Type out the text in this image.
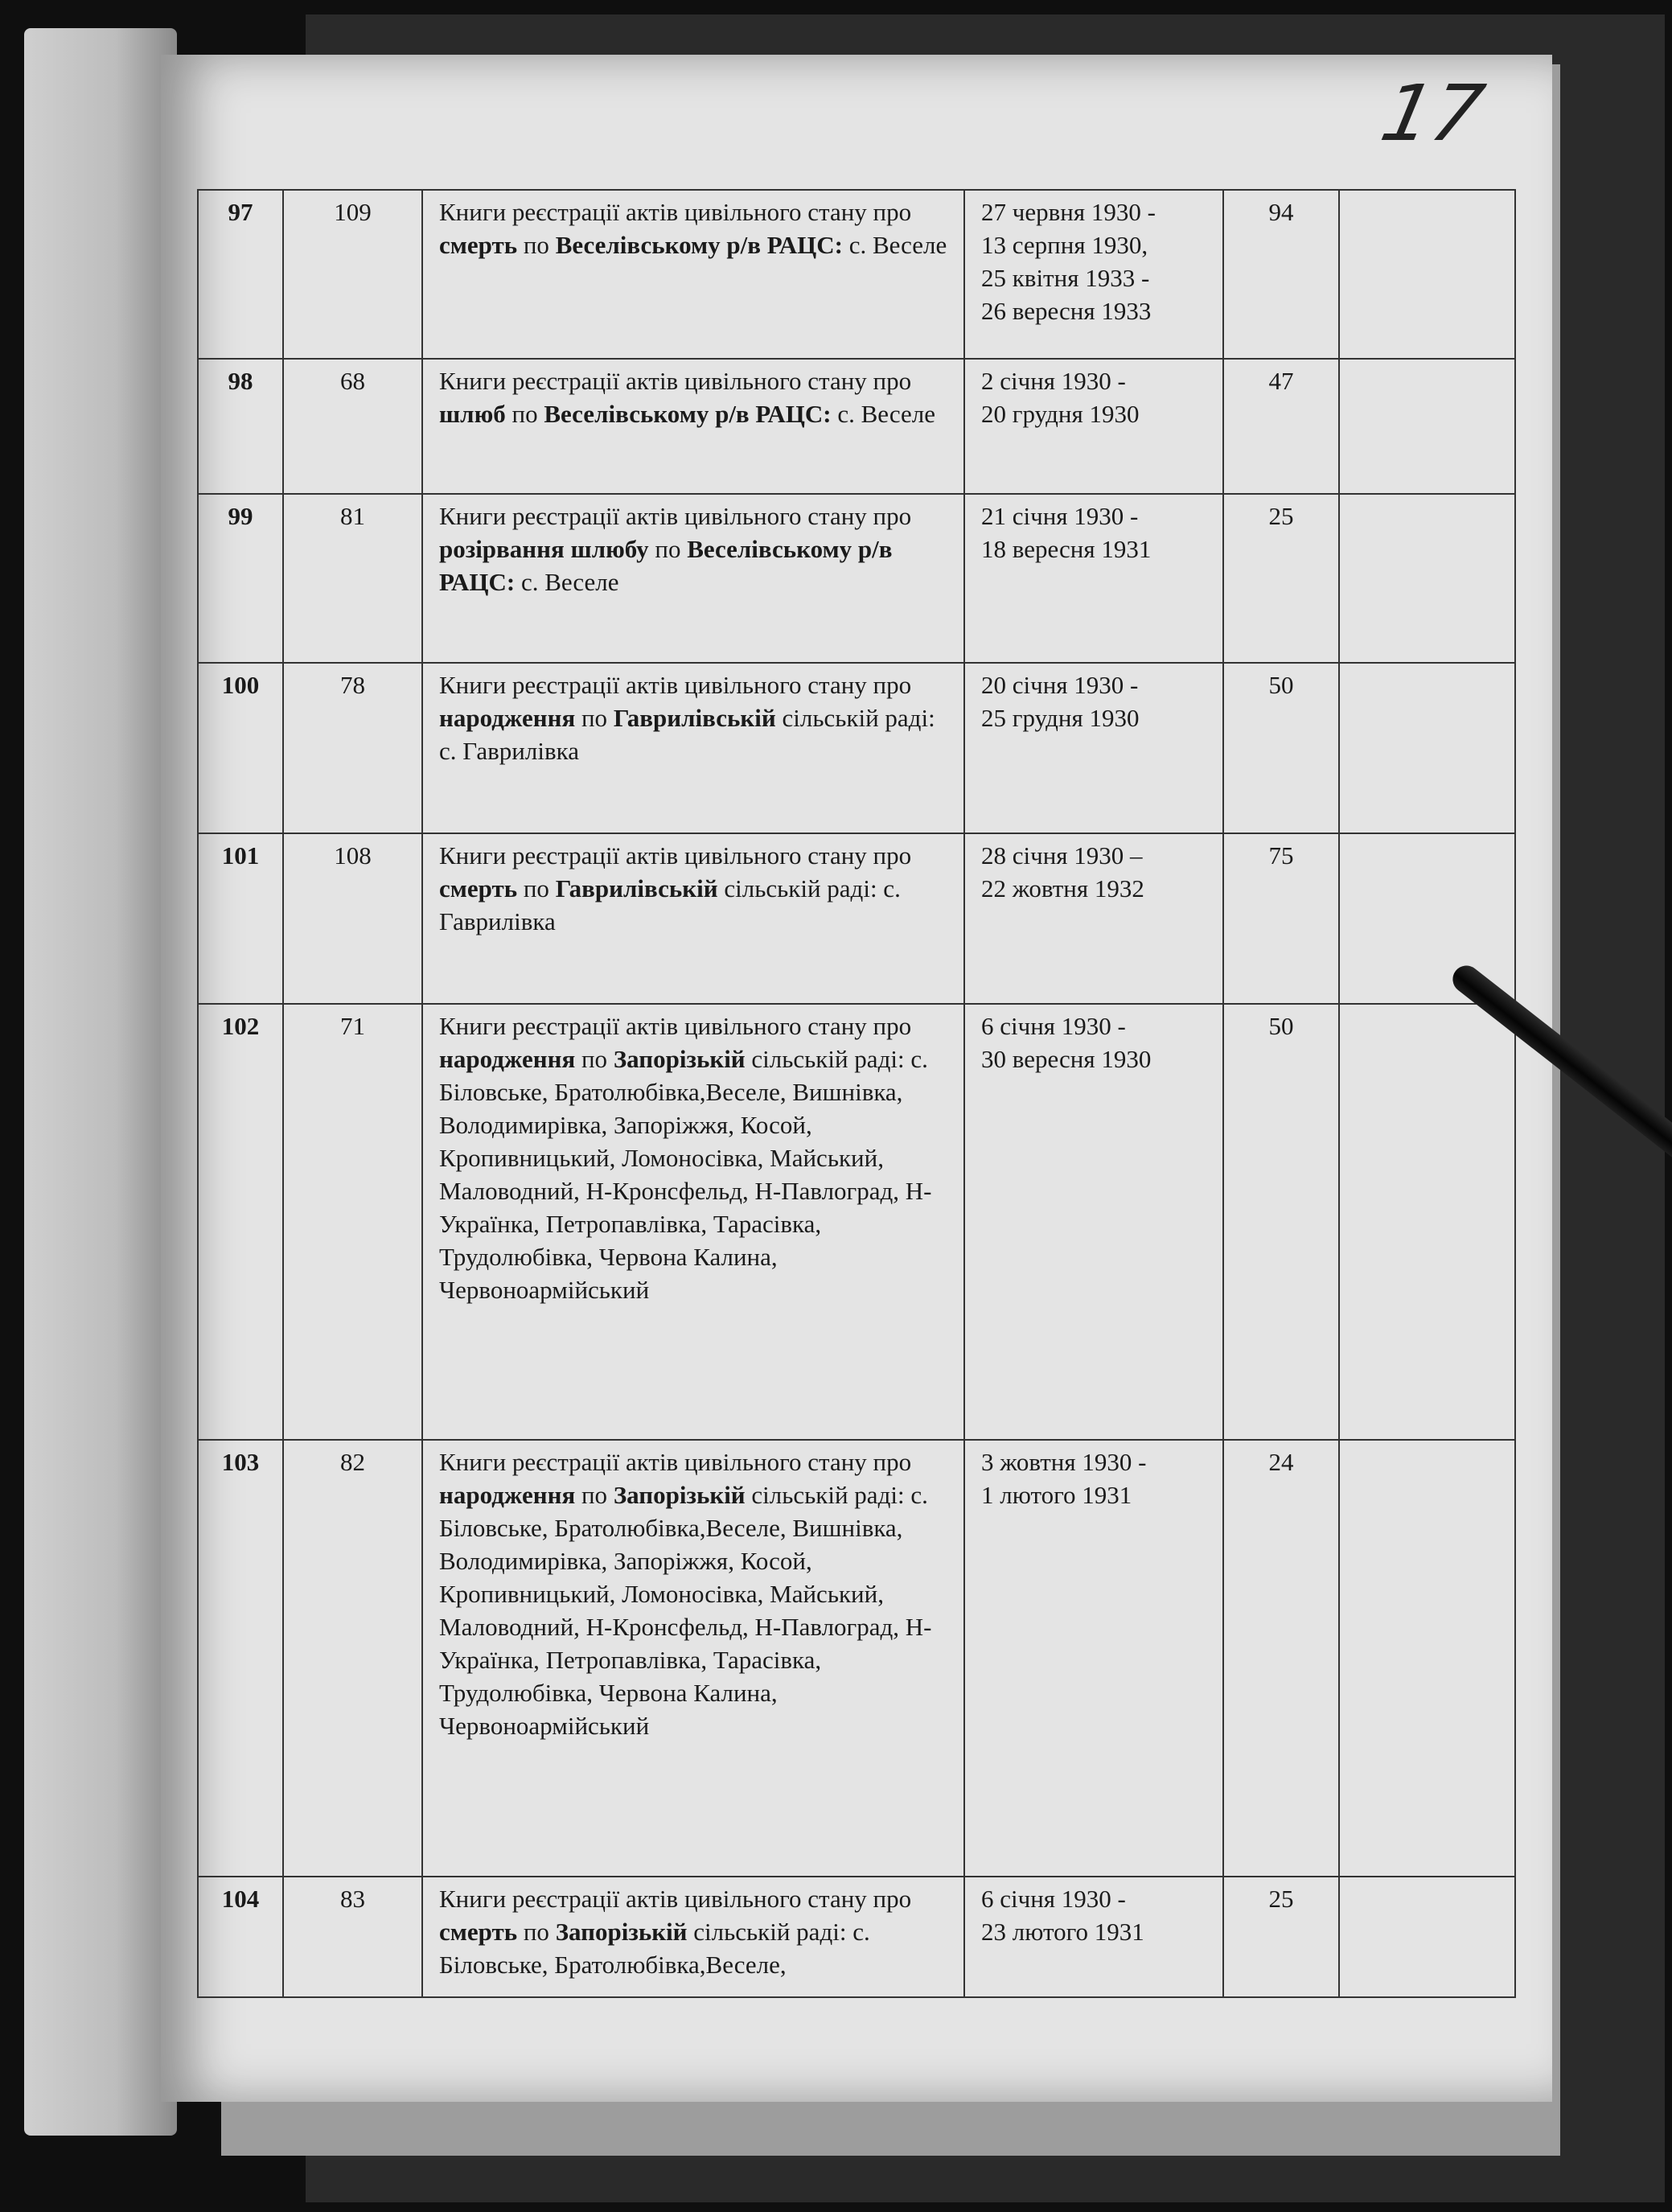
17
97	109	Книги реєстрації актів цивільного стану про смерть по Веселівському р/в РАЦС: с. Веселе	27 червня 1930 -
13 серпня 1930,
25 квітня 1933 -
26 вересня 1933	94	
98	68	Книги реєстрації актів цивільного стану про шлюб по Веселівському р/в РАЦС: с. Веселе	2 січня 1930 -
20 грудня 1930	47	
99	81	Книги реєстрації актів цивільного стану про розірвання шлюбу по Веселівському р/в РАЦС: с. Веселе	21 січня 1930 -
18 вересня 1931	25	
100	78	Книги реєстрації актів цивільного стану про народження по Гаврилівській сільській раді: с. Гаврилівка	20 січня 1930 -
25 грудня 1930	50	
101	108	Книги реєстрації актів цивільного стану про смерть по Гаврилівській сільській раді: с. Гаврилівка	28 січня 1930 –
22 жовтня 1932	75	
102	71	Книги реєстрації актів цивільного стану про народження по Запорізькій сільській раді: с. Біловське, Братолюбівка,Веселе, Вишнівка, Володимирівка, Запоріжжя, Косой, Кропивницький, Ломоносівка, Майський, Маловодний, Н-Кронсфельд, Н-Павлоград, Н-Українка, Петропавлівка, Тарасівка, Трудолюбівка, Червона Калина, Червоноармійський	6 січня 1930 -
30 вересня 1930	50	
103	82	Книги реєстрації актів цивільного стану про народження по Запорізькій сільській раді: с. Біловське, Братолюбівка,Веселе, Вишнівка, Володимирівка, Запоріжжя, Косой, Кропивницький, Ломоносівка, Майський, Маловодний, Н-Кронсфельд, Н-Павлоград, Н-Українка, Петропавлівка, Тарасівка, Трудолюбівка, Червона Калина, Червоноармійський	3 жовтня 1930 -
1 лютого 1931	24	
104	83	Книги реєстрації актів цивільного стану про смерть по Запорізькій сільській раді: с. Біловське, Братолюбівка,Веселе,	6 січня 1930 -
23 лютого 1931	25	
